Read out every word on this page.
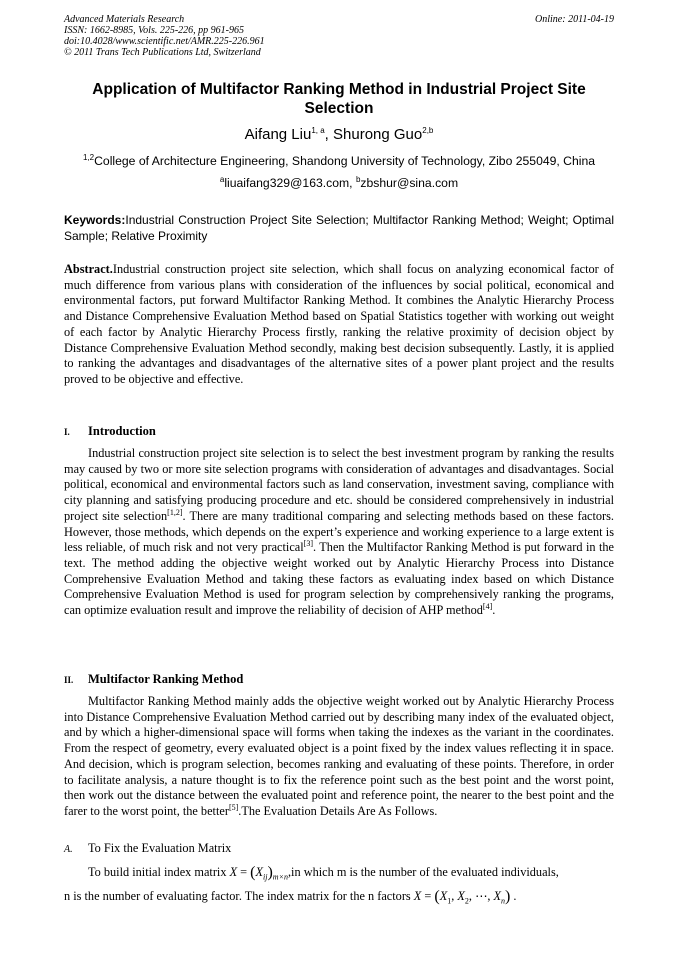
Advanced Materials Research
ISSN: 1662-8985, Vols. 225-226, pp 961-965
doi:10.4028/www.scientific.net/AMR.225-226.961
© 2011 Trans Tech Publications Ltd, Switzerland
Online: 2011-04-19
Application of Multifactor Ranking Method in Industrial Project Site Selection
Aifang Liu$^{1, a}$, Shurong Guo$^{2,b}$
$^{1,2}$College of Architecture Engineering, Shandong University of Technology, Zibo 255049, China
$^a$liuaifang329@163.com, $^b$zbshur@sina.com
Keywords:Industrial Construction Project Site Selection; Multifactor Ranking Method; Weight; Optimal Sample; Relative Proximity
Abstract.Industrial construction project site selection, which shall focus on analyzing economical factor of much difference from various plans with consideration of the influences by social political, economical and environmental factors, put forward Multifactor Ranking Method. It combines the Analytic Hierarchy Process and Distance Comprehensive Evaluation Method based on Spatial Statistics together with working out weight of each factor by Analytic Hierarchy Process firstly, ranking the relative proximity of decision object by Distance Comprehensive Evaluation Method secondly, making best decision subsequently. Lastly, it is applied to ranking the advantages and disadvantages of the alternative sites of a power plant project and the results proved to be objective and effective.
I. Introduction
Industrial construction project site selection is to select the best investment program by ranking the results may caused by two or more site selection programs with consideration of advantages and disadvantages. Social political, economical and environmental factors such as land conservation, investment saving, compliance with city planning and satisfying producing procedure and etc. should be considered comprehensively in industrial project site selection[1,2]. There are many traditional comparing and selecting methods based on these factors. However, those methods, which depends on the expert’s experience and working experience to a large extent is less reliable, of much risk and not very practical[3]. Then the Multifactor Ranking Method is put forward in the text. The method adding the objective weight worked out by Analytic Hierarchy Process into Distance Comprehensive Evaluation Method and taking these factors as evaluating index based on which Distance Comprehensive Evaluation Method is used for program selection by comprehensively ranking the programs, can optimize evaluation result and improve the reliability of decision of AHP method[4].
II. Multifactor Ranking Method
Multifactor Ranking Method mainly adds the objective weight worked out by Analytic Hierarchy Process into Distance Comprehensive Evaluation Method carried out by describing many index of the evaluated object, and by which a higher-dimensional space will forms when taking the indexes as the variant in the coordinates. From the respect of geometry, every evaluated object is a point fixed by the index values reflecting it in space. And decision, which is program selection, becomes ranking and evaluating of these points. Therefore, in order to facilitate analysis, a nature thought is to fix the reference point such as the best point and the worst point, then work out the distance between the evaluated point and reference point, the nearer to the best point and the farer to the worst point, the better[5].The Evaluation Details Are As Follows.
A. To Fix the Evaluation Matrix
To build initial index matrix $X = (X_{ij})_{m\times n},in$ which m is the number of the evaluated individuals,
n is the number of evaluating factor. The index matrix for the n factors $X = (X_1$, $X_2$, ⋯, $X_n$) .
